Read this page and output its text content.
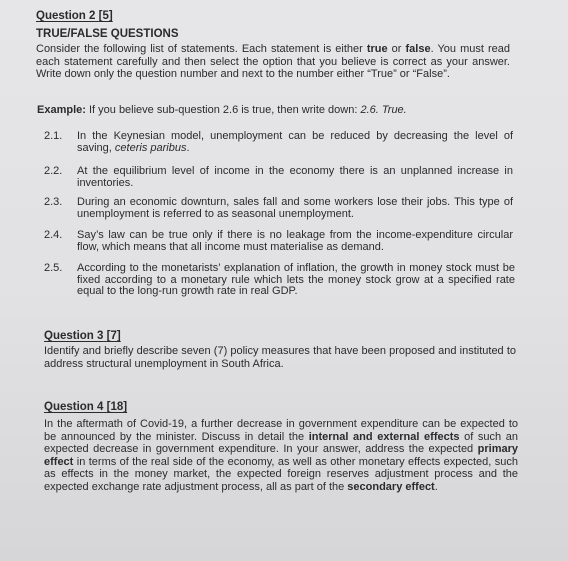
Question 2 [5]
TRUE/FALSE QUESTIONS
Consider the following list of statements. Each statement is either true or false. You must read each statement carefully and then select the option that you believe is correct as your answer. Write down only the question number and next to the number either “True” or “False”.
Example: If you believe sub-question 2.6 is true, then write down: 2.6. True.
2.1. In the Keynesian model, unemployment can be reduced by decreasing the level of saving, ceteris paribus.
2.2. At the equilibrium level of income in the economy there is an unplanned increase in inventories.
2.3. During an economic downturn, sales fall and some workers lose their jobs. This type of unemployment is referred to as seasonal unemployment.
2.4. Say’s law can be true only if there is no leakage from the income-expenditure circular flow, which means that all income must materialise as demand.
2.5. According to the monetarists’ explanation of inflation, the growth in money stock must be fixed according to a monetary rule which lets the money stock grow at a specified rate equal to the long-run growth rate in real GDP.
Question 3 [7]
Identify and briefly describe seven (7) policy measures that have been proposed and instituted to address structural unemployment in South Africa.
Question 4 [18]
In the aftermath of Covid-19, a further decrease in government expenditure can be expected to be announced by the minister. Discuss in detail the internal and external effects of such an expected decrease in government expenditure. In your answer, address the expected primary effect in terms of the real side of the economy, as well as other monetary effects expected, such as effects in the money market, the expected foreign reserves adjustment process and the expected exchange rate adjustment process, all as part of the secondary effect.
